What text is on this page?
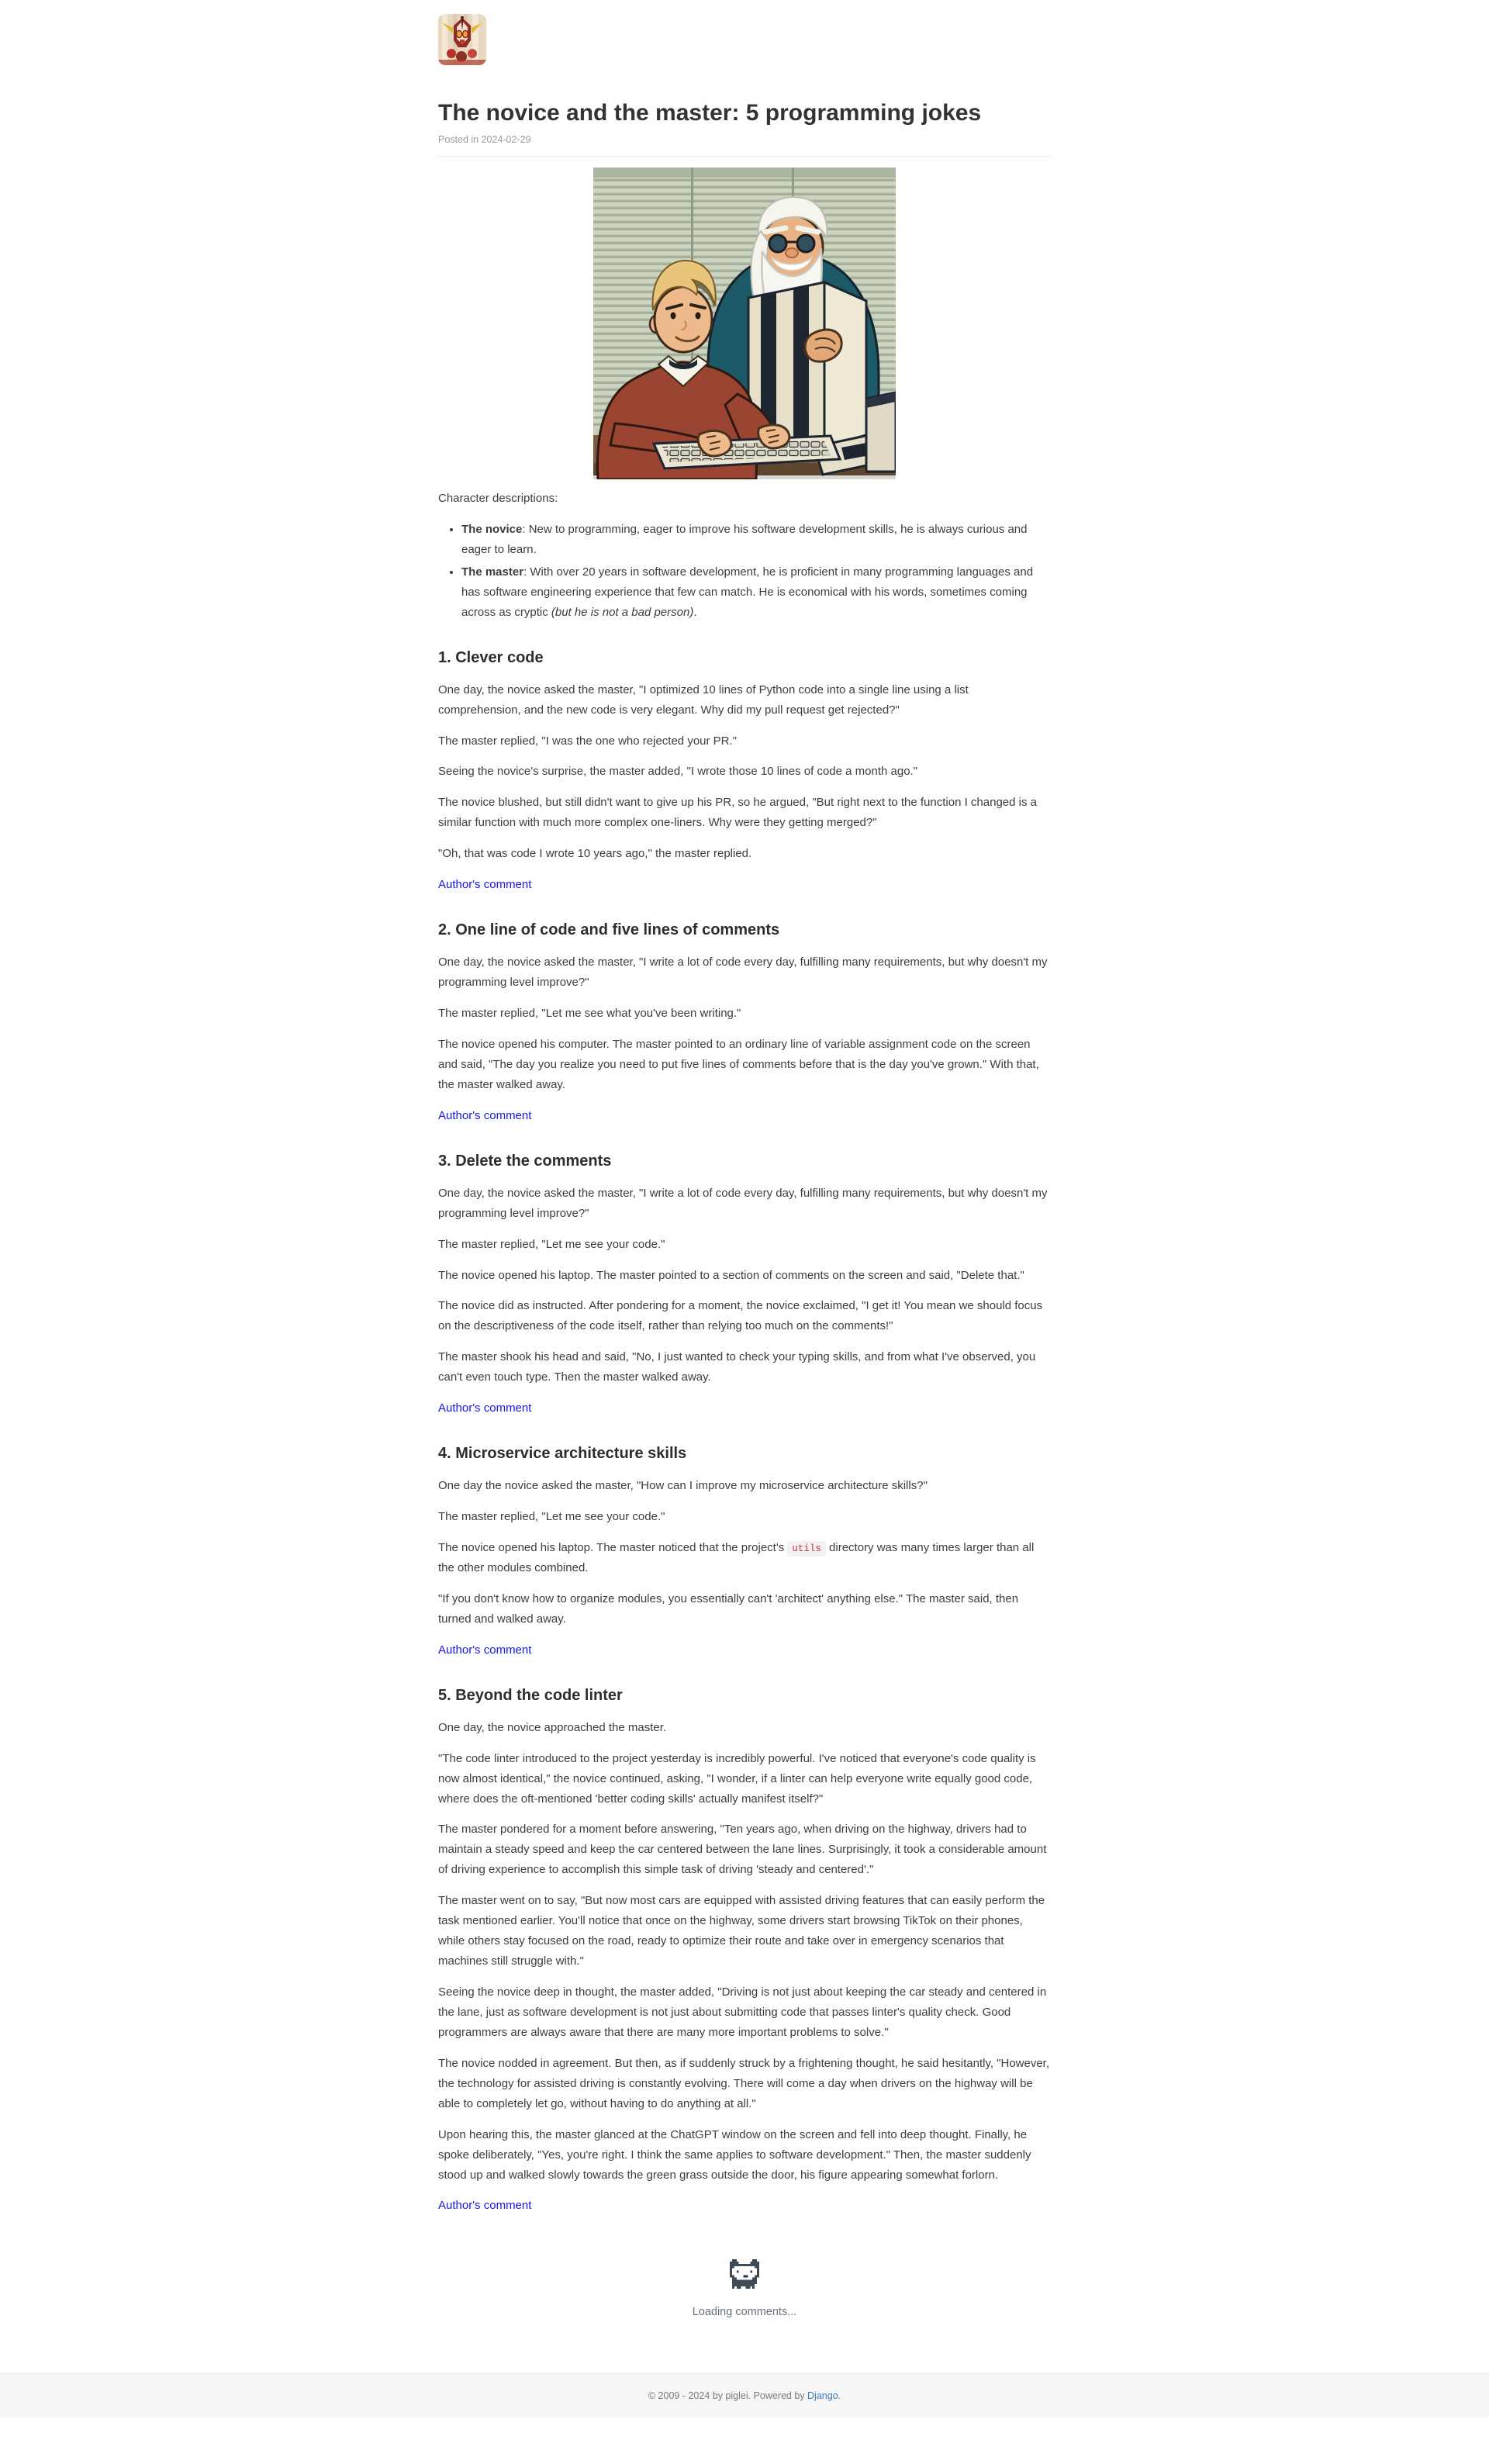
The novice and the master: 5 programming jokes
Posted in 2024-02-29

Character descriptions:

• The novice: New to programming, eager to improve his software development skills, he is always curious and eager to learn.
• The master: With over 20 years in software development, he is proficient in many programming languages and has software engineering experience that few can match. He is economical with his words, sometimes coming across as cryptic (but he is not a bad person).
1. Clever code

One day, the novice asked the master, "I optimized 10 lines of Python code into a single line using a list comprehension, and the new code is very elegant. Why did my pull request get rejected?"

The master replied, "I was the one who rejected your PR."

Seeing the novice's surprise, the master added, "I wrote those 10 lines of code a month ago."

The novice blushed, but still didn't want to give up his PR, so he argued, "But right next to the function I changed is a similar function with much more complex one-liners. Why were they getting merged?"

"Oh, that was code I wrote 10 years ago," the master replied.

Author's comment

2. One line of code and five lines of comments

One day, the novice asked the master, "I write a lot of code every day, fulfilling many requirements, but why doesn't my programming level improve?"

The master replied, "Let me see what you've been writing."

The novice opened his computer. The master pointed to an ordinary line of variable assignment code on the screen and said, "The day you realize you need to put five lines of comments before that is the day you've grown." With that, the master walked away.

Author's comment

3. Delete the comments

One day, the novice asked the master, "I write a lot of code every day, fulfilling many requirements, but why doesn't my programming level improve?"

The master replied, "Let me see your code."

The novice opened his laptop. The master pointed to a section of comments on the screen and said, "Delete that."

The novice did as instructed. After pondering for a moment, the novice exclaimed, "I get it! You mean we should focus on the descriptiveness of the code itself, rather than relying too much on the comments!"

The master shook his head and said, "No, I just wanted to check your typing skills, and from what I've observed, you can't even touch type. Then the master walked away.

Author's comment

4. Microservice architecture skills

One day the novice asked the master, "How can I improve my microservice architecture skills?"

The master replied, "Let me see your code."

The novice opened his laptop. The master noticed that the project's utils directory was many times larger than all the other modules combined.

"If you don't know how to organize modules, you essentially can't 'architect' anything else." The master said, then turned and walked away.

Author's comment

5. Beyond the code linter

One day, the novice approached the master.

"The code linter introduced to the project yesterday is incredibly powerful. I've noticed that everyone's code quality is now almost identical," the novice continued, asking, "I wonder, if a linter can help everyone write equally good code, where does the oft-mentioned 'better coding skills' actually manifest itself?"

The master pondered for a moment before answering, "Ten years ago, when driving on the highway, drivers had to maintain a steady speed and keep the car centered between the lane lines. Surprisingly, it took a considerable amount of driving experience to accomplish this simple task of driving 'steady and centered'."

The master went on to say, "But now most cars are equipped with assisted driving features that can easily perform the task mentioned earlier. You'll notice that once on the highway, some drivers start browsing TikTok on their phones, while others stay focused on the road, ready to optimize their route and take over in emergency scenarios that machines still struggle with."

Seeing the novice deep in thought, the master added, "Driving is not just about keeping the car steady and centered in the lane, just as software development is not just about submitting code that passes linter's quality check. Good programmers are always aware that there are many more important problems to solve."

The novice nodded in agreement. But then, as if suddenly struck by a frightening thought, he said hesitantly, "However, the technology for assisted driving is constantly evolving. There will come a day when drivers on the highway will be able to completely let go, without having to do anything at all."

Upon hearing this, the master glanced at the ChatGPT window on the screen and fell into deep thought. Finally, he spoke deliberately, "Yes, you're right. I think the same applies to software development." Then, the master suddenly stood up and walked slowly towards the green grass outside the door, his figure appearing somewhat forlorn.

Author's comment

Loading comments...

© 2009 - 2024 by piglei. Powered by Django.
